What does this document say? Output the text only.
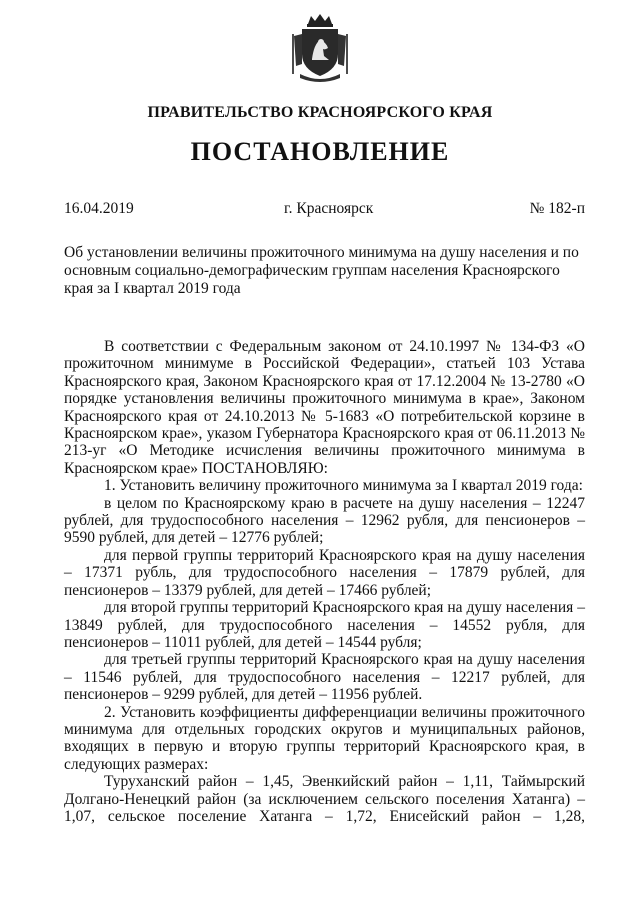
ПРАВИТЕЛЬСТВО КРАСНОЯРСКОГО КРАЯ
ПОСТАНОВЛЕНИЕ
16.04.2019	г. Красноярск	№ 182-п
Об установлении величины прожиточного минимума на душу населения и по основным социально-демографическим группам населения Красноярского края за I квартал 2019 года

В соответствии с Федеральным законом от 24.10.1997 № 134-ФЗ «О прожиточном минимуме в Российской Федерации», статьей 103 Устава Красноярского края, Законом Красноярского края от 17.12.2004 № 13-2780 «О порядке установления величины прожиточного минимума в крае», Законом Красноярского края от 24.10.2013 № 5-1683 «О потребительской корзине в Красноярском крае», указом Губернатора Красноярского края от 06.11.2013 № 213-уг «О Методике исчисления величины прожиточного минимума в Красноярском крае» ПОСТАНОВЛЯЮ:

1. Установить величину прожиточного минимума за I квартал 2019 года:

в целом по Красноярскому краю в расчете на душу населения – 12247 рублей, для трудоспособного населения – 12962 рубля, для пенсионеров – 9590 рублей, для детей – 12776 рублей;

для первой группы территорий Красноярского края на душу населения – 17371 рубль, для трудоспособного населения – 17879 рублей, для пенсионеров – 13379 рублей, для детей – 17466 рублей;

для второй группы территорий Красноярского края на душу населения – 13849 рублей, для трудоспособного населения – 14552 рубля, для пенсионеров – 11011 рублей, для детей – 14544 рубля;

для третьей группы территорий Красноярского края на душу населения – 11546 рублей, для трудоспособного населения – 12217 рублей, для пенсионеров – 9299 рублей, для детей – 11956 рублей.

2. Установить коэффициенты дифференциации величины прожиточного минимума для отдельных городских округов и муниципальных районов, входящих в первую и вторую группы территорий Красноярского края, в следующих размерах:

Туруханский район – 1,45, Эвенкийский район – 1,11, Таймырский Долгано-Ненецкий район (за исключением сельского поселения Хатанга) – 1,07, сельское поселение Хатанга – 1,72, Енисейский район – 1,28,
